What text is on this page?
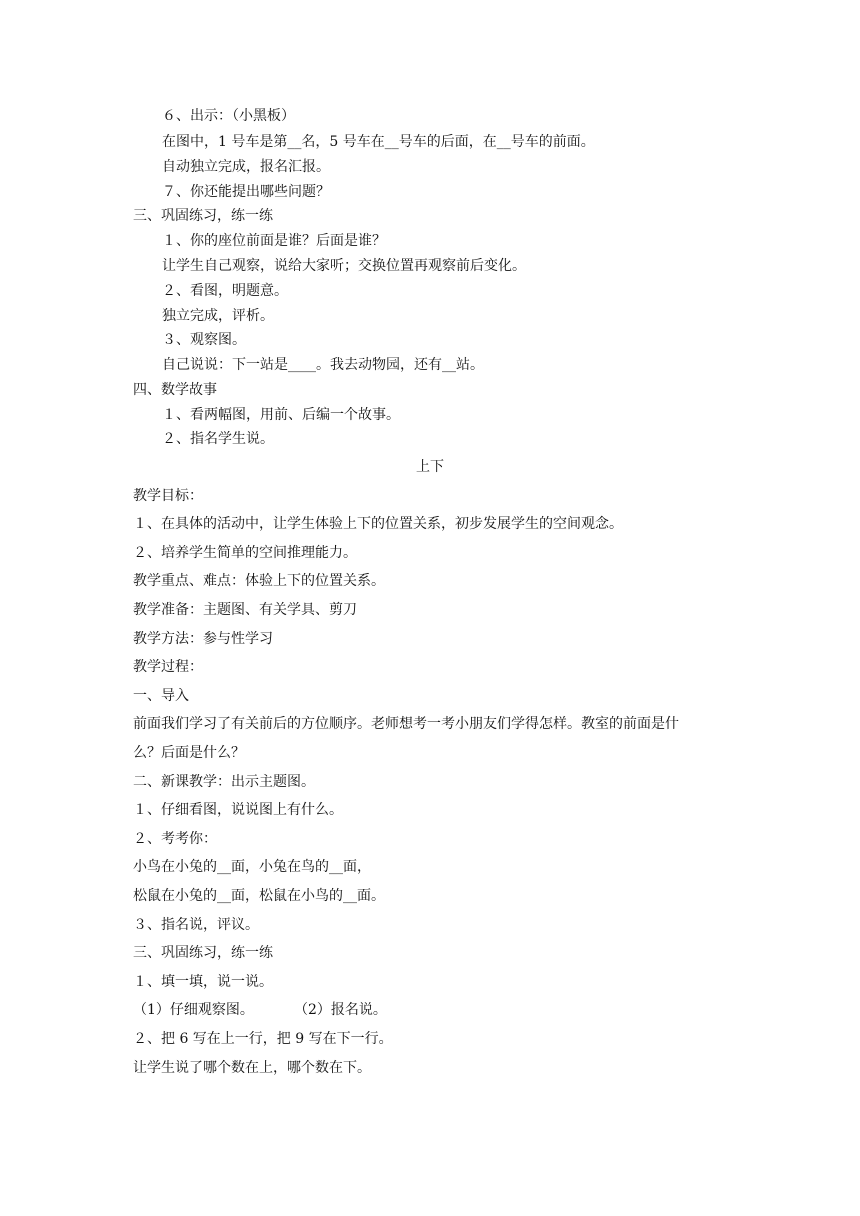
６、出示：（小黑板）
在图中，1 号车是第__名，5 号车在__号车的后面，在__号车的前面。
自动独立完成，报名汇报。
７、你还能提出哪些问题？
三、巩固练习，练一练
１、你的座位前面是谁？后面是谁？
让学生自己观察，说给大家听；交换位置再观察前后变化。
２、看图，明题意。
独立完成，评析。
３、观察图。
自己说说：下一站是____。我去动物园，还有__站。
四、数学故事
１、看两幅图，用前、后编一个故事。
２、指名学生说。
上下
教学目标：
１、在具体的活动中，让学生体验上下的位置关系，初步发展学生的空间观念。
２、培养学生简单的空间推理能力。
教学重点、难点：体验上下的位置关系。
教学准备：主题图、有关学具、剪刀
教学方法：参与性学习
教学过程：
一、导入
前面我们学习了有关前后的方位顺序。老师想考一考小朋友们学得怎样。教室的前面是什
么？后面是什么？
二、新课教学：出示主题图。
１、仔细看图，说说图上有什么。
２、考考你：
小鸟在小兔的__面，小兔在鸟的__面，
松鼠在小兔的__面，松鼠在小鸟的__面。
３、指名说，评议。
三、巩固练习，练一练
１、填一填，说一说。
（1）仔细观察图。	（2）报名说。
２、把 6 写在上一行，把 9 写在下一行。
让学生说了哪个数在上，哪个数在下。
